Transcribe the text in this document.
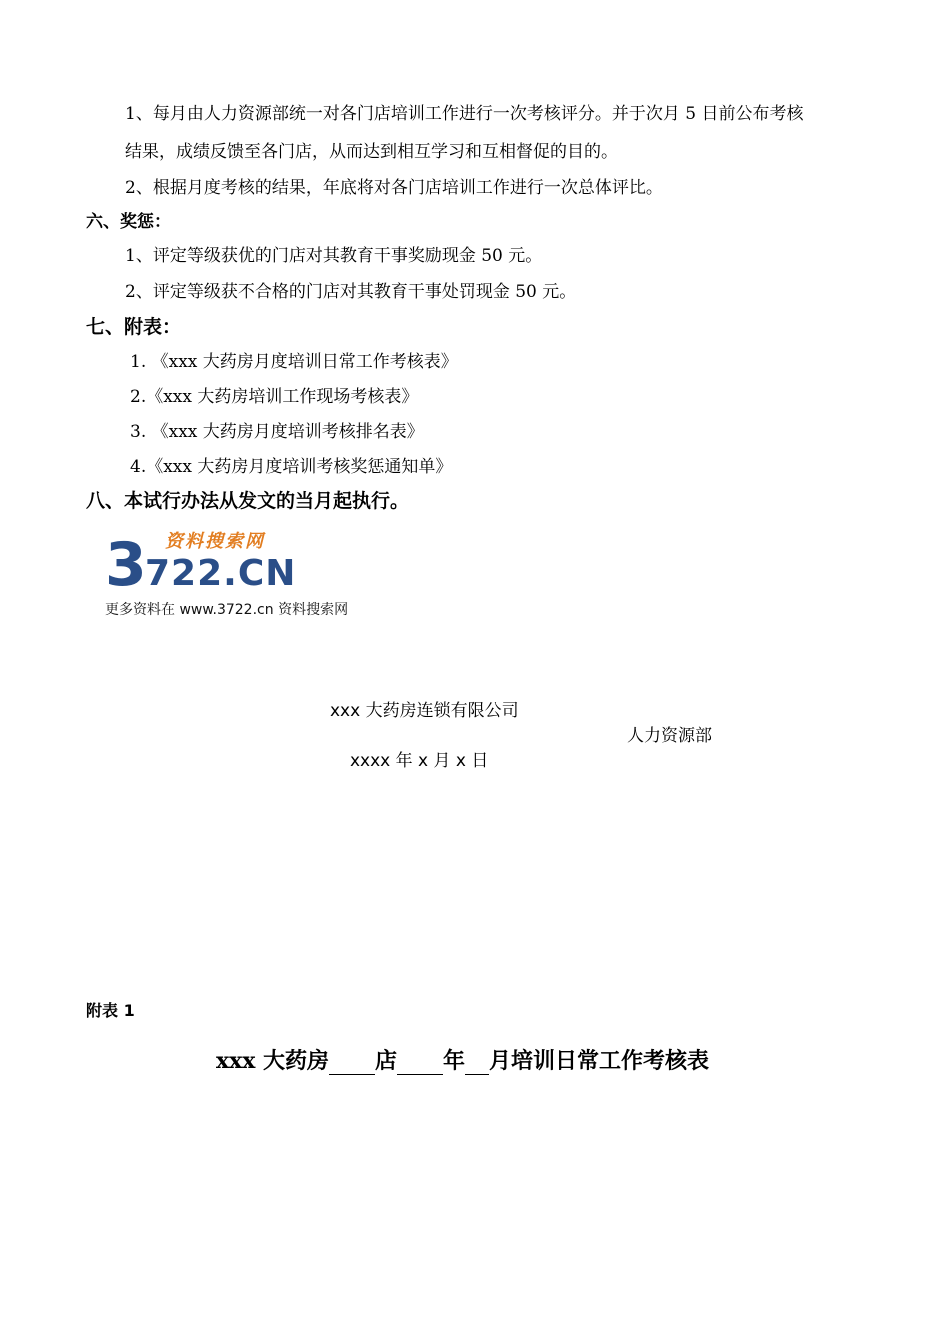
1、每月由人力资源部统一对各门店培训工作进行一次考核评分。并于次月 5 日前公布考核
结果，成绩反馈至各门店，从而达到相互学习和互相督促的目的。
2、根据月度考核的结果，年底将对各门店培训工作进行一次总体评比。
六、奖惩：
1、评定等级获优的门店对其教育干事奖励现金 50 元。
2、评定等级获不合格的门店对其教育干事处罚现金 50 元。
七、附表：
1. 《xxx 大药房月度培训日常工作考核表》
2.《xxx 大药房培训工作现场考核表》
3. 《xxx 大药房月度培训考核排名表》
4.《xxx 大药房月度培训考核奖惩通知单》
八、本试行办法从发文的当月起执行。
3
722.CN
资料搜索网
更多资料在 www.3722.cn 资料搜索网
xxx 大药房连锁有限公司
人力资源部
xxxx 年 x 月 x 日
附表 1
xxx 大药房 店 年 月培训日常工作考核表
